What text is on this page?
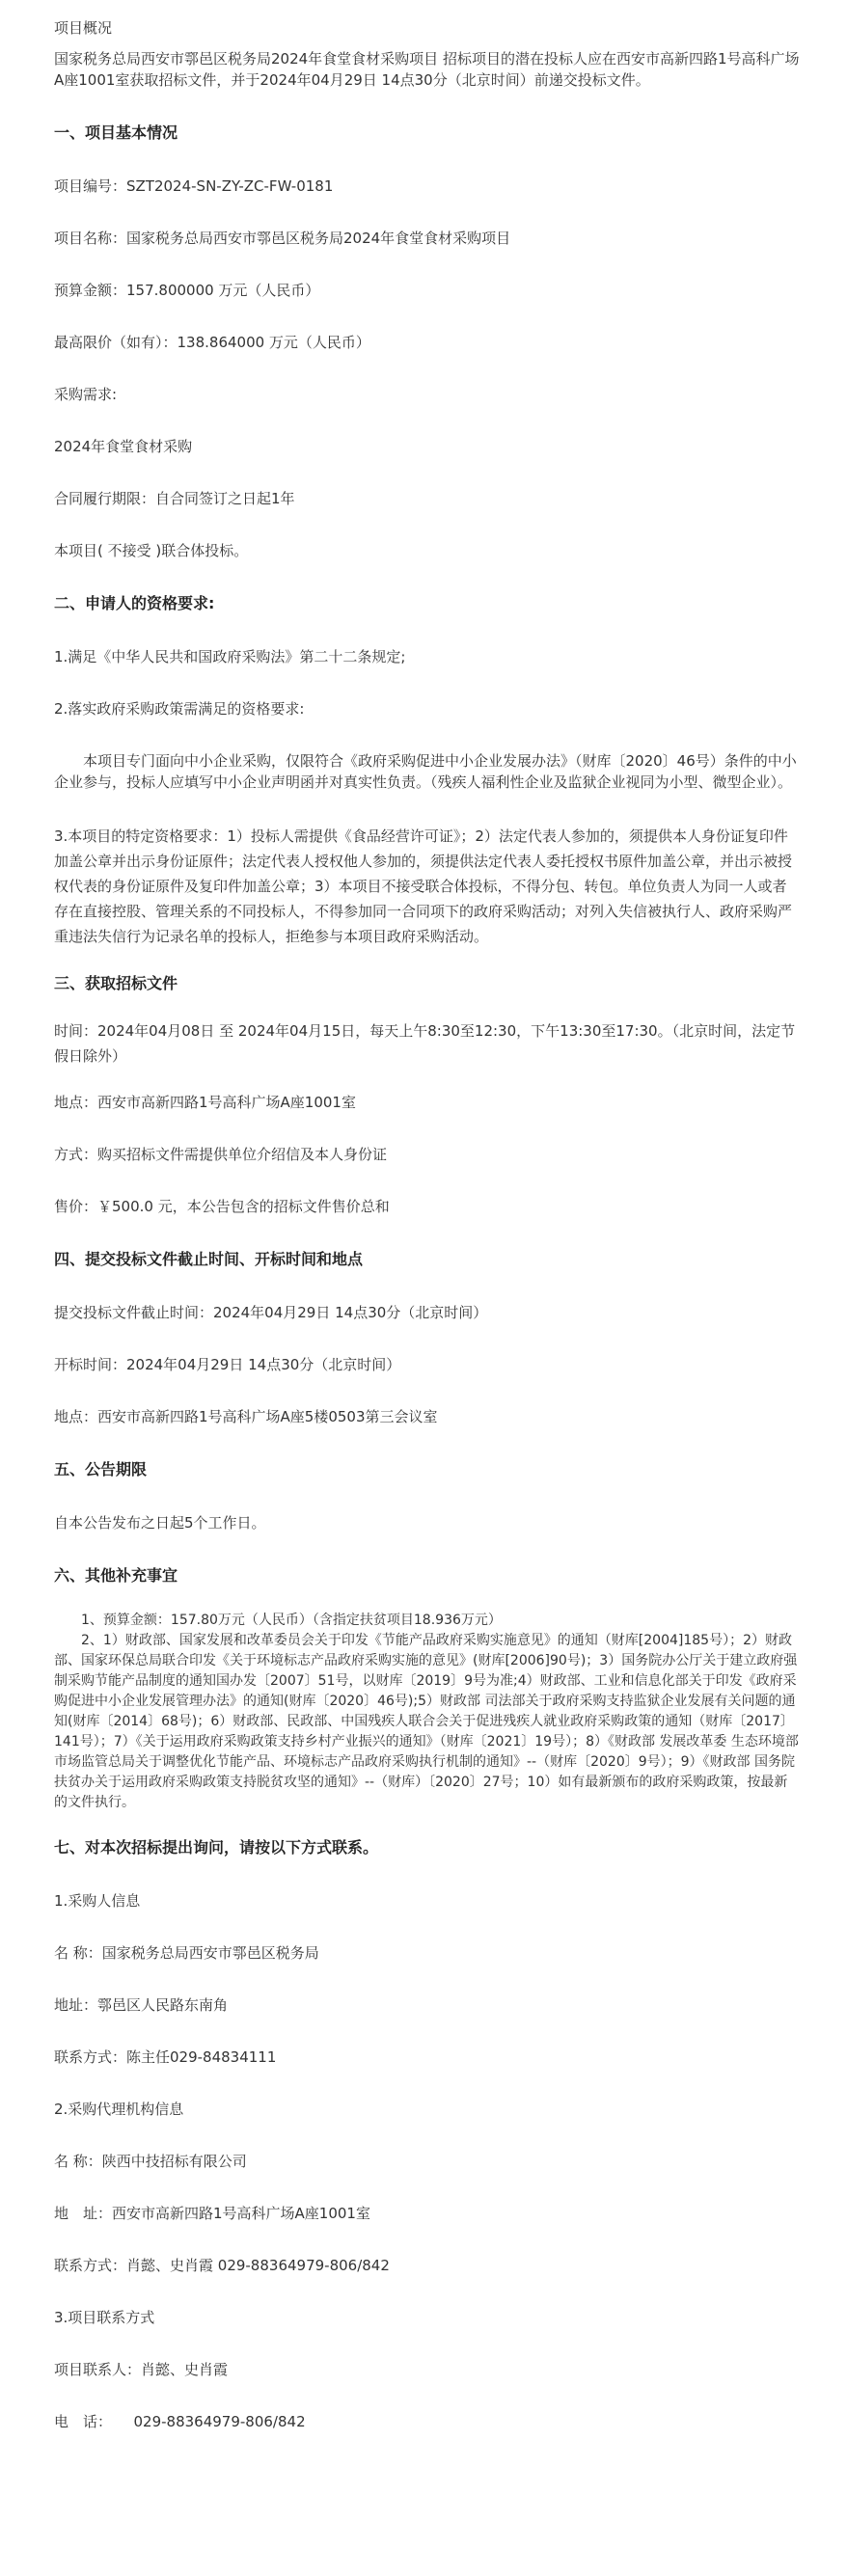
项目概况

国家税务总局西安市鄠邑区税务局2024年食堂食材采购项目 招标项目的潜在投标人应在西安市高新四路1号高科广场A座1001室获取招标文件，并于2024年04月29日 14点30分（北京时间）前递交投标文件。

一、项目基本情况

项目编号：SZT2024-SN-ZY-ZC-FW-0181

项目名称：国家税务总局西安市鄠邑区税务局2024年食堂食材采购项目

预算金额：157.800000 万元（人民币）

最高限价（如有）：138.864000 万元（人民币）

采购需求:

2024年食堂食材采购

合同履行期限：自合同签订之日起1年

本项目( 不接受 )联合体投标。

二、申请人的资格要求:

1.满足《中华人民共和国政府采购法》第二十二条规定;

2.落实政府采购政策需满足的资格要求:

本项目专门面向中小企业采购，仅限符合《政府采购促进中小企业发展办法》（财库〔2020〕46号）条件的中小企业参与，投标人应填写中小企业声明函并对真实性负责。（残疾人福利性企业及监狱企业视同为小型、微型企业）。

3.本项目的特定资格要求：1）投标人需提供《食品经营许可证》；2）法定代表人参加的，须提供本人身份证复印件加盖公章并出示身份证原件；法定代表人授权他人参加的，须提供法定代表人委托授权书原件加盖公章，并出示被授权代表的身份证原件及复印件加盖公章；3）本项目不接受联合体投标，不得分包、转包。单位负责人为同一人或者存在直接控股、管理关系的不同投标人，不得参加同一合同项下的政府采购活动；对列入失信被执行人、政府采购严重违法失信行为记录名单的投标人，拒绝参与本项目政府采购活动。

三、获取招标文件

时间：2024年04月08日 至 2024年04月15日，每天上午8:30至12:30，下午13:30至17:30。（北京时间，法定节假日除外）

地点：西安市高新四路1号高科广场A座1001室

方式：购买招标文件需提供单位介绍信及本人身份证

售价：￥500.0 元，本公告包含的招标文件售价总和

四、提交投标文件截止时间、开标时间和地点

提交投标文件截止时间：2024年04月29日 14点30分（北京时间）

开标时间：2024年04月29日 14点30分（北京时间）

地点：西安市高新四路1号高科广场A座5楼0503第三会议室

五、公告期限

自本公告发布之日起5个工作日。

六、其他补充事宜

1、预算金额：157.80万元（人民币）（含指定扶贫项目18.936万元）

2、1）财政部、国家发展和改革委员会关于印发《节能产品政府采购实施意见》的通知（财库[2004]185号）；2）财政部、国家环保总局联合印发《关于环境标志产品政府采购实施的意见》(财库[2006]90号)；3）国务院办公厅关于建立政府强制采购节能产品制度的通知国办发〔2007〕51号，以财库〔2019〕9号为准;4）财政部、工业和信息化部关于印发《政府采购促进中小企业发展管理办法》的通知(财库〔2020〕46号);5）财政部 司法部关于政府采购支持监狱企业发展有关问题的通知(财库〔2014〕68号)；6）财政部、民政部、中国残疾人联合会关于促进残疾人就业政府采购政策的通知（财库〔2017〕141号）；7）《关于运用政府采购政策支持乡村产业振兴的通知》（财库〔2021〕19号）；8）《财政部 发展改革委 生态环境部 市场监管总局关于调整优化节能产品、环境标志产品政府采购执行机制的通知》--（财库〔2020〕9号）；9）《财政部 国务院扶贫办关于运用政府采购政策支持脱贫攻坚的通知》--（财库）〔2020〕27号；10）如有最新颁布的政府采购政策，按最新的文件执行。

七、对本次招标提出询问，请按以下方式联系。

1.采购人信息

名 称：国家税务总局西安市鄠邑区税务局

地址：鄠邑区人民路东南角

联系方式：陈主任029-84834111

2.采购代理机构信息

名 称：陕西中技招标有限公司

地　址：西安市高新四路1号高科广场A座1001室

联系方式：肖懿、史肖霞 029-88364979-806/842

3.项目联系方式

项目联系人：肖懿、史肖霞

电　话：　　029-88364979-806/842
